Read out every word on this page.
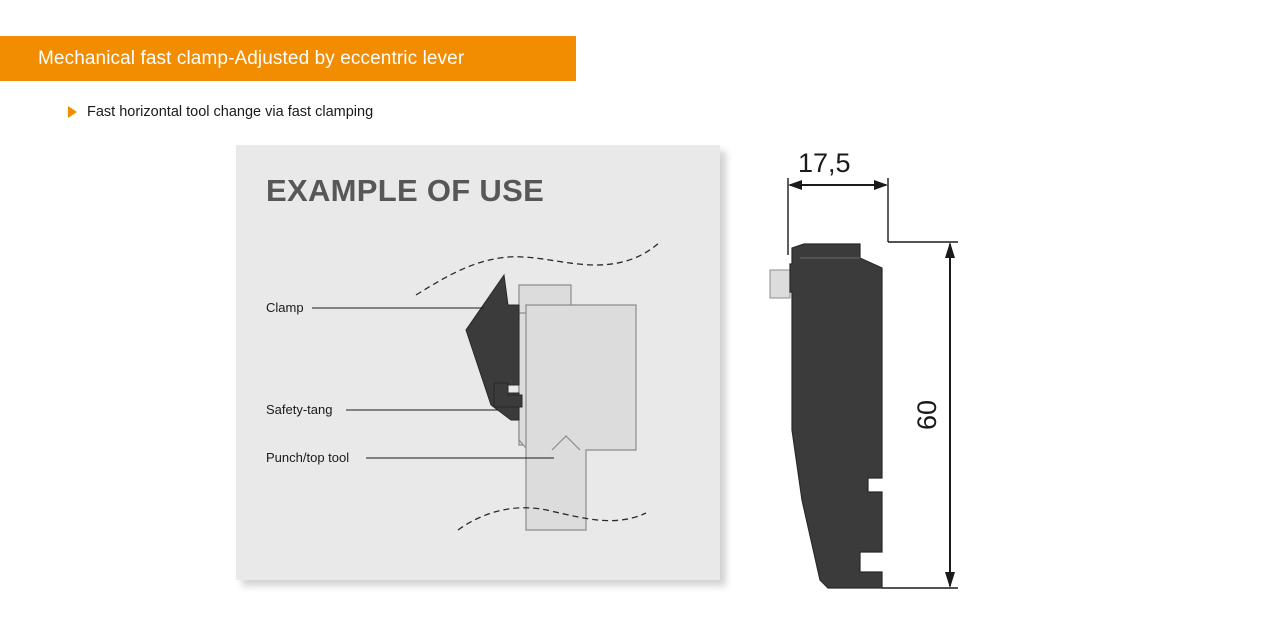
Mechanical fast clamp-Adjusted by eccentric lever
Fast horizontal tool change via fast clamping
EXAMPLE OF USE
Clamp
Safety-tang
Punch/top tool
17,5
60
